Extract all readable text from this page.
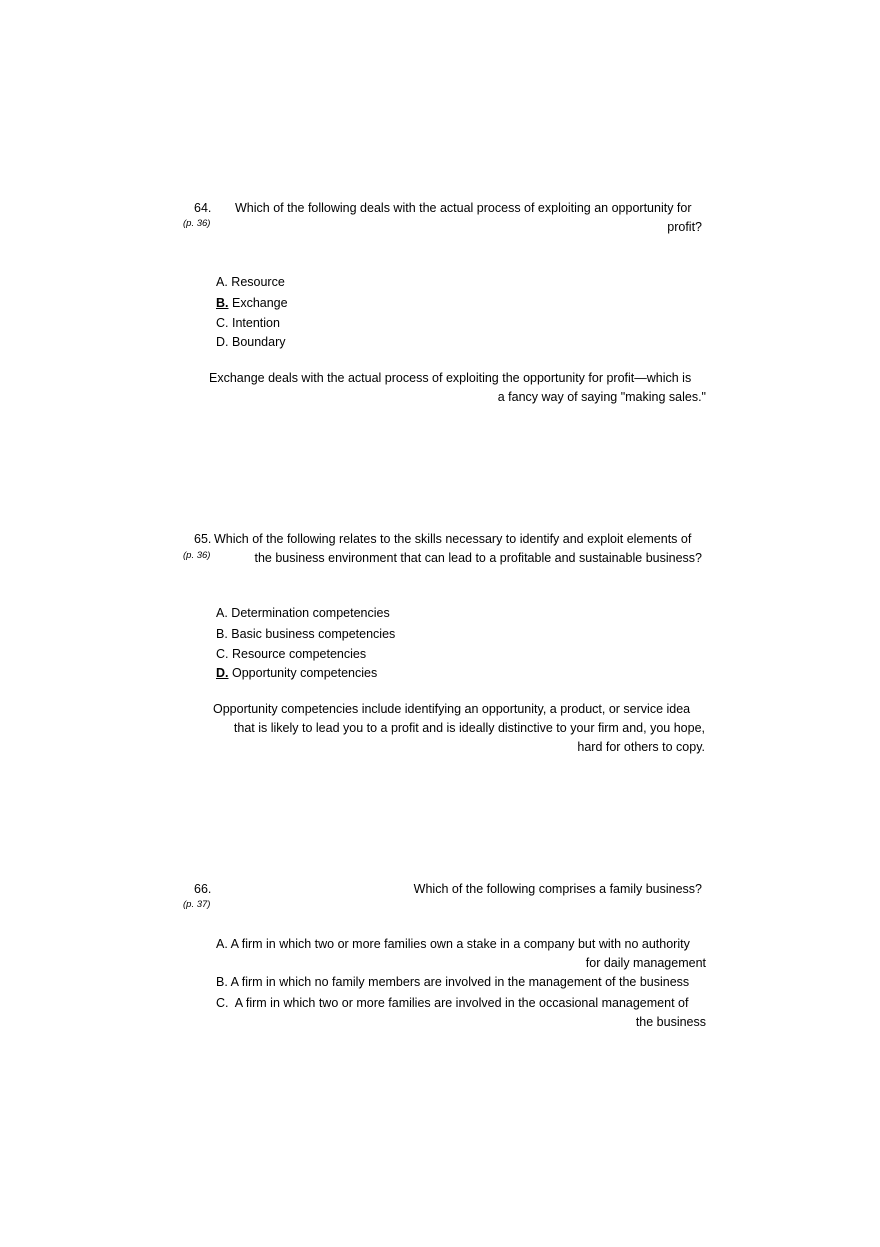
64.
(p. 36)
Which of the following deals with the actual process of exploiting an opportunity for
profit?
A. Resource
B. Exchange
C. Intention
D. Boundary
Exchange deals with the actual process of exploiting the opportunity for profit—which is
a fancy way of saying "making sales."
65.
(p. 36)
Which of the following relates to the skills necessary to identify and exploit elements of
the business environment that can lead to a profitable and sustainable business?
A. Determination competencies
B. Basic business competencies
C. Resource competencies
D. Opportunity competencies
Opportunity competencies include identifying an opportunity, a product, or service idea
that is likely to lead you to a profit and is ideally distinctive to your firm and, you hope,
hard for others to copy.
66.
(p. 37)
Which of the following comprises a family business?
A. A firm in which two or more families own a stake in a company but with no authority
for daily management
B. A firm in which no family members are involved in the management of the business
C. A firm in which two or more families are involved in the occasional management of
the business
